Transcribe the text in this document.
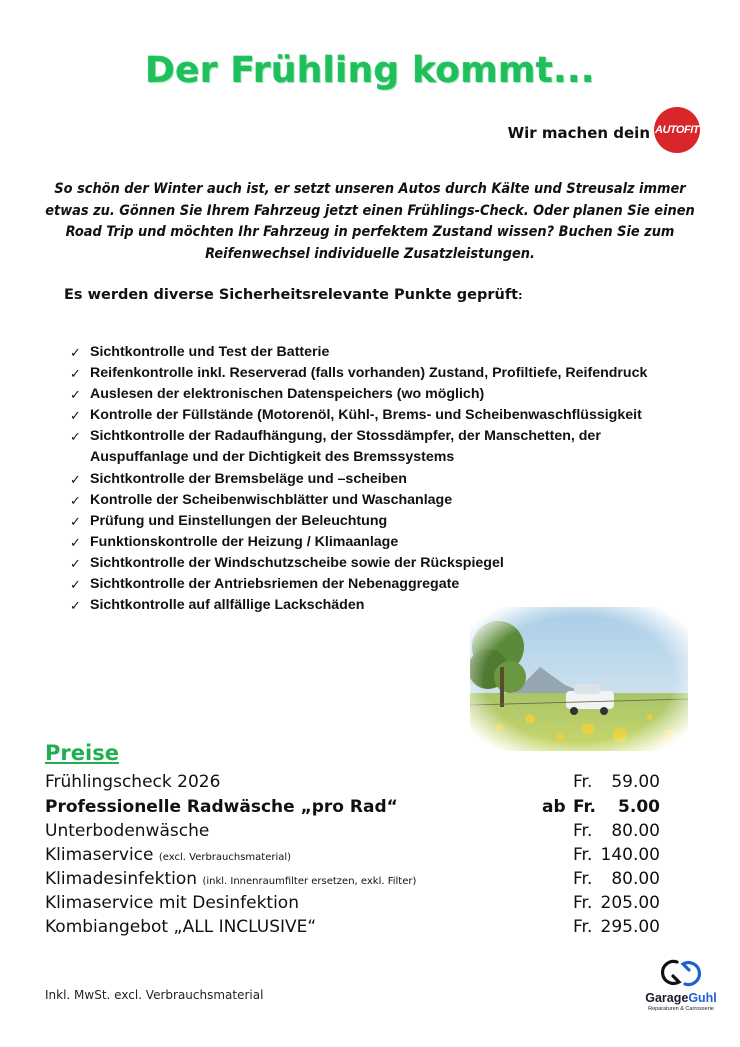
Der Frühling kommt...
Wir machen dein AUTOFIT
So schön der Winter auch ist, er setzt unseren Autos durch Kälte und Streusalz immer etwas zu. Gönnen Sie Ihrem Fahrzeug jetzt einen Frühlings-Check. Oder planen Sie einen Road Trip und möchten Ihr Fahrzeug in perfektem Zustand wissen? Buchen Sie zum Reifenwechsel individuelle Zusatzleistungen.
Es werden diverse Sicherheitsrelevante Punkte geprüft:
✓ Sichtkontrolle und Test der Batterie
✓ Reifenkontrolle inkl. Reserverad (falls vorhanden) Zustand, Profiltiefe, Reifendruck
✓ Auslesen der elektronischen Datenspeichers (wo möglich)
✓ Kontrolle der Füllstände (Motorenöl, Kühl-, Brems- und Scheibenwaschflüssigkeit
✓ Sichtkontrolle der Radaufhängung, der Stossdämpfer, der Manschetten, der Auspuffanlage und der Dichtigkeit des Bremssystems
✓ Sichtkontrolle der Bremsbeläge und –scheiben
✓ Kontrolle der Scheibenwischblätter und Waschanlage
✓ Prüfung und Einstellungen der Beleuchtung
✓ Funktionskontrolle der Heizung / Klimaanlage
✓ Sichtkontrolle der Windschutzscheibe sowie der Rückspiegel
✓ Sichtkontrolle der Antriebsriemen der Nebenaggregate
✓ Sichtkontrolle auf allfällige Lackschäden
Preise
Frühlingscheck 2026	Fr. 59.00
Professionelle Radwäsche „pro Rad“	ab Fr. 5.00
Unterbodenwäsche	Fr. 80.00
Klimaservice (excl. Verbrauchsmaterial)	Fr. 140.00
Klimadesinfektion (inkl. Innenraumfilter ersetzen, exkl. Filter)	Fr. 80.00
Klimaservice mit Desinfektion	Fr. 205.00
Kombiangebot „ALL INCLUSIVE“	Fr. 295.00
Inkl. MwSt. excl. Verbrauchsmaterial	GarageGuhl
Reparaturen & Carrosserie
